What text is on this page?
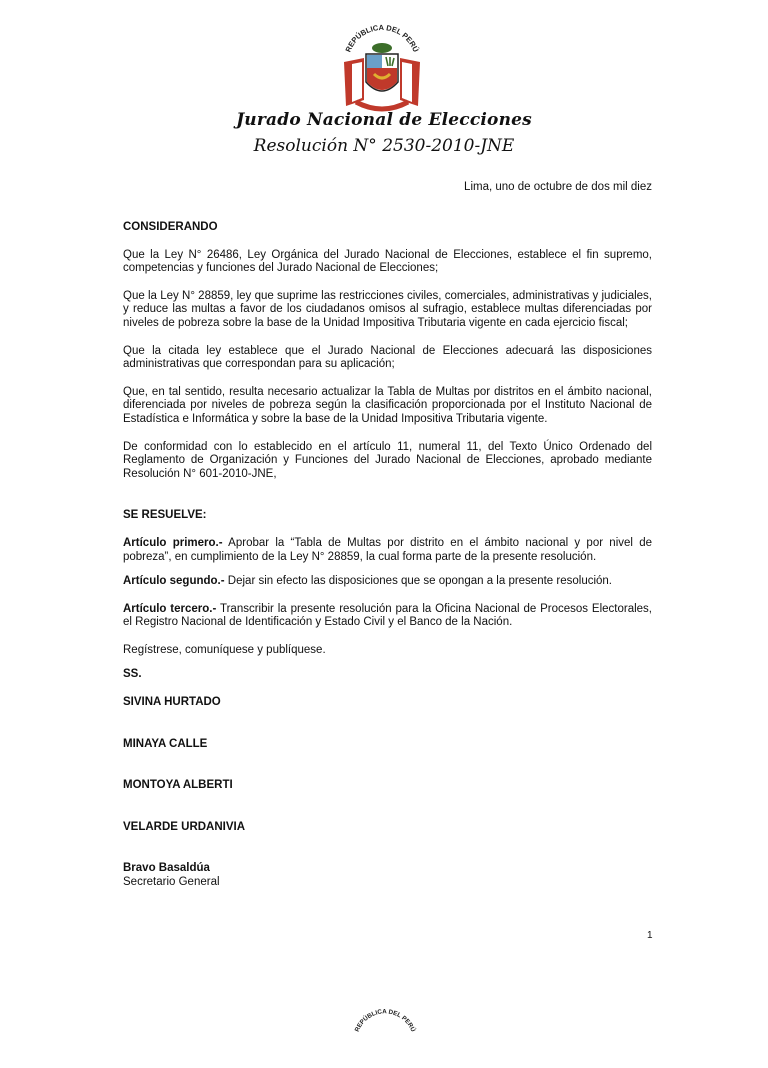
REPÚBLICA DEL PERÚ
Jurado Nacional de Elecciones
Resolución N° 2530-2010-JNE
Lima, uno de octubre de dos mil diez

CONSIDERANDO

Que la Ley N° 26486, Ley Orgánica del Jurado Nacional de Elecciones, establece el fin supremo, competencias y funciones del Jurado Nacional de Elecciones;

Que la Ley N° 28859, ley que suprime las restricciones civiles, comerciales, administrativas y judiciales, y reduce las multas a favor de los ciudadanos omisos al sufragio, establece multas diferenciadas por niveles de pobreza sobre la base de la Unidad Impositiva Tributaria vigente en cada ejercicio fiscal;

Que la citada ley establece que el Jurado Nacional de Elecciones adecuará las disposiciones administrativas que correspondan para su aplicación;

Que, en tal sentido, resulta necesario actualizar la Tabla de Multas por distritos en el ámbito nacional, diferenciada por niveles de pobreza según la clasificación proporcionada por el Instituto Nacional de Estadística e Informática y sobre la base de la Unidad Impositiva Tributaria vigente.

De conformidad con lo establecido en el artículo 11, numeral 11, del Texto Único Ordenado del Reglamento de Organización y Funciones del Jurado Nacional de Elecciones, aprobado mediante Resolución N° 601-2010-JNE,

SE RESUELVE:

Artículo primero.- Aprobar la “Tabla de Multas por distrito en el ámbito nacional y por nivel de pobreza”, en cumplimiento de la Ley N° 28859, la cual forma parte de la presente resolución.

Artículo segundo.- Dejar sin efecto las disposiciones que se opongan a la presente resolución.

Artículo tercero.- Transcribir la presente resolución para la Oficina Nacional de Procesos Electorales, el Registro Nacional de Identificación y Estado Civil y el Banco de la Nación.

Regístrese, comuníquese y publíquese.

SS.

SIVINA HURTADO

MINAYA CALLE

MONTOYA ALBERTI

VELARDE URDANIVIA

Bravo Basaldúa

Secretario General

1
REPÚBLICA DEL PERÚ
